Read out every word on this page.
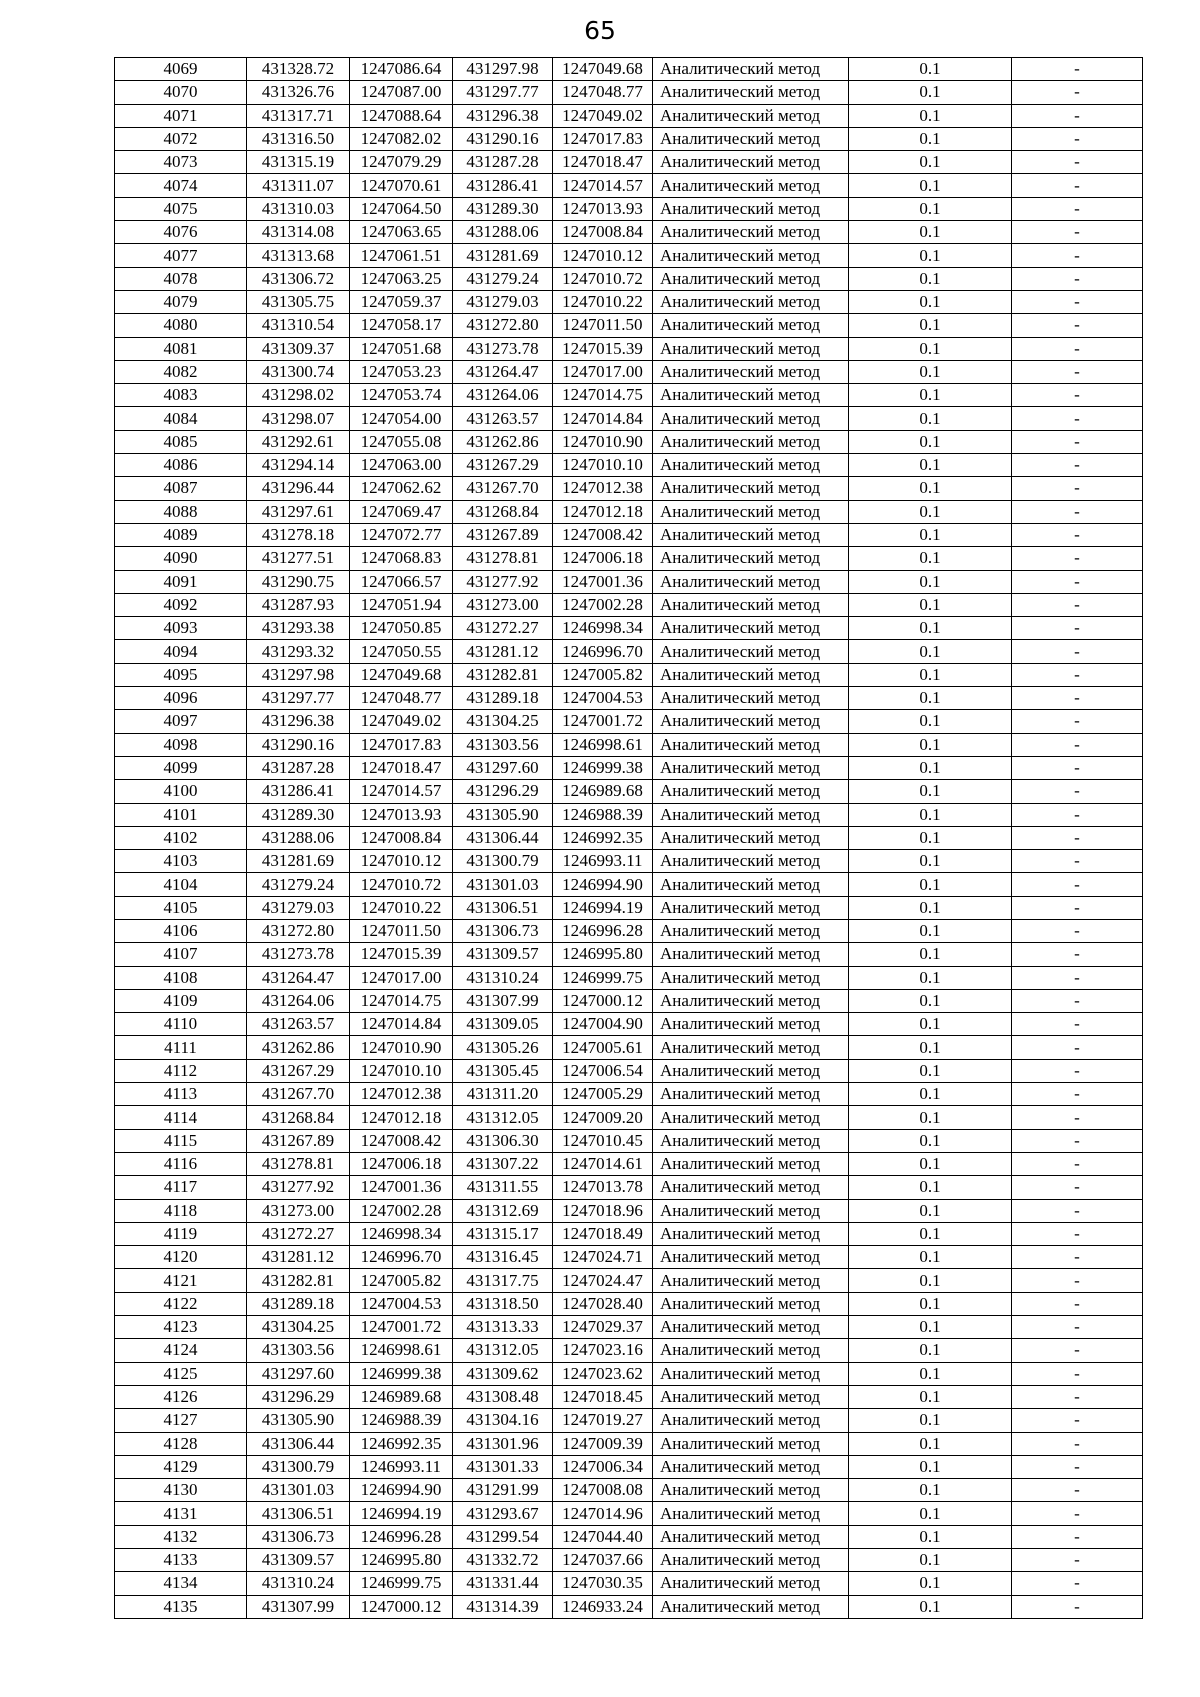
65
4069	431328.72	1247086.64	431297.98	1247049.68	Аналитический метод	0.1	-
4070	431326.76	1247087.00	431297.77	1247048.77	Аналитический метод	0.1	-
4071	431317.71	1247088.64	431296.38	1247049.02	Аналитический метод	0.1	-
4072	431316.50	1247082.02	431290.16	1247017.83	Аналитический метод	0.1	-
4073	431315.19	1247079.29	431287.28	1247018.47	Аналитический метод	0.1	-
4074	431311.07	1247070.61	431286.41	1247014.57	Аналитический метод	0.1	-
4075	431310.03	1247064.50	431289.30	1247013.93	Аналитический метод	0.1	-
4076	431314.08	1247063.65	431288.06	1247008.84	Аналитический метод	0.1	-
4077	431313.68	1247061.51	431281.69	1247010.12	Аналитический метод	0.1	-
4078	431306.72	1247063.25	431279.24	1247010.72	Аналитический метод	0.1	-
4079	431305.75	1247059.37	431279.03	1247010.22	Аналитический метод	0.1	-
4080	431310.54	1247058.17	431272.80	1247011.50	Аналитический метод	0.1	-
4081	431309.37	1247051.68	431273.78	1247015.39	Аналитический метод	0.1	-
4082	431300.74	1247053.23	431264.47	1247017.00	Аналитический метод	0.1	-
4083	431298.02	1247053.74	431264.06	1247014.75	Аналитический метод	0.1	-
4084	431298.07	1247054.00	431263.57	1247014.84	Аналитический метод	0.1	-
4085	431292.61	1247055.08	431262.86	1247010.90	Аналитический метод	0.1	-
4086	431294.14	1247063.00	431267.29	1247010.10	Аналитический метод	0.1	-
4087	431296.44	1247062.62	431267.70	1247012.38	Аналитический метод	0.1	-
4088	431297.61	1247069.47	431268.84	1247012.18	Аналитический метод	0.1	-
4089	431278.18	1247072.77	431267.89	1247008.42	Аналитический метод	0.1	-
4090	431277.51	1247068.83	431278.81	1247006.18	Аналитический метод	0.1	-
4091	431290.75	1247066.57	431277.92	1247001.36	Аналитический метод	0.1	-
4092	431287.93	1247051.94	431273.00	1247002.28	Аналитический метод	0.1	-
4093	431293.38	1247050.85	431272.27	1246998.34	Аналитический метод	0.1	-
4094	431293.32	1247050.55	431281.12	1246996.70	Аналитический метод	0.1	-
4095	431297.98	1247049.68	431282.81	1247005.82	Аналитический метод	0.1	-
4096	431297.77	1247048.77	431289.18	1247004.53	Аналитический метод	0.1	-
4097	431296.38	1247049.02	431304.25	1247001.72	Аналитический метод	0.1	-
4098	431290.16	1247017.83	431303.56	1246998.61	Аналитический метод	0.1	-
4099	431287.28	1247018.47	431297.60	1246999.38	Аналитический метод	0.1	-
4100	431286.41	1247014.57	431296.29	1246989.68	Аналитический метод	0.1	-
4101	431289.30	1247013.93	431305.90	1246988.39	Аналитический метод	0.1	-
4102	431288.06	1247008.84	431306.44	1246992.35	Аналитический метод	0.1	-
4103	431281.69	1247010.12	431300.79	1246993.11	Аналитический метод	0.1	-
4104	431279.24	1247010.72	431301.03	1246994.90	Аналитический метод	0.1	-
4105	431279.03	1247010.22	431306.51	1246994.19	Аналитический метод	0.1	-
4106	431272.80	1247011.50	431306.73	1246996.28	Аналитический метод	0.1	-
4107	431273.78	1247015.39	431309.57	1246995.80	Аналитический метод	0.1	-
4108	431264.47	1247017.00	431310.24	1246999.75	Аналитический метод	0.1	-
4109	431264.06	1247014.75	431307.99	1247000.12	Аналитический метод	0.1	-
4110	431263.57	1247014.84	431309.05	1247004.90	Аналитический метод	0.1	-
4111	431262.86	1247010.90	431305.26	1247005.61	Аналитический метод	0.1	-
4112	431267.29	1247010.10	431305.45	1247006.54	Аналитический метод	0.1	-
4113	431267.70	1247012.38	431311.20	1247005.29	Аналитический метод	0.1	-
4114	431268.84	1247012.18	431312.05	1247009.20	Аналитический метод	0.1	-
4115	431267.89	1247008.42	431306.30	1247010.45	Аналитический метод	0.1	-
4116	431278.81	1247006.18	431307.22	1247014.61	Аналитический метод	0.1	-
4117	431277.92	1247001.36	431311.55	1247013.78	Аналитический метод	0.1	-
4118	431273.00	1247002.28	431312.69	1247018.96	Аналитический метод	0.1	-
4119	431272.27	1246998.34	431315.17	1247018.49	Аналитический метод	0.1	-
4120	431281.12	1246996.70	431316.45	1247024.71	Аналитический метод	0.1	-
4121	431282.81	1247005.82	431317.75	1247024.47	Аналитический метод	0.1	-
4122	431289.18	1247004.53	431318.50	1247028.40	Аналитический метод	0.1	-
4123	431304.25	1247001.72	431313.33	1247029.37	Аналитический метод	0.1	-
4124	431303.56	1246998.61	431312.05	1247023.16	Аналитический метод	0.1	-
4125	431297.60	1246999.38	431309.62	1247023.62	Аналитический метод	0.1	-
4126	431296.29	1246989.68	431308.48	1247018.45	Аналитический метод	0.1	-
4127	431305.90	1246988.39	431304.16	1247019.27	Аналитический метод	0.1	-
4128	431306.44	1246992.35	431301.96	1247009.39	Аналитический метод	0.1	-
4129	431300.79	1246993.11	431301.33	1247006.34	Аналитический метод	0.1	-
4130	431301.03	1246994.90	431291.99	1247008.08	Аналитический метод	0.1	-
4131	431306.51	1246994.19	431293.67	1247014.96	Аналитический метод	0.1	-
4132	431306.73	1246996.28	431299.54	1247044.40	Аналитический метод	0.1	-
4133	431309.57	1246995.80	431332.72	1247037.66	Аналитический метод	0.1	-
4134	431310.24	1246999.75	431331.44	1247030.35	Аналитический метод	0.1	-
4135	431307.99	1247000.12	431314.39	1246933.24	Аналитический метод	0.1	-
